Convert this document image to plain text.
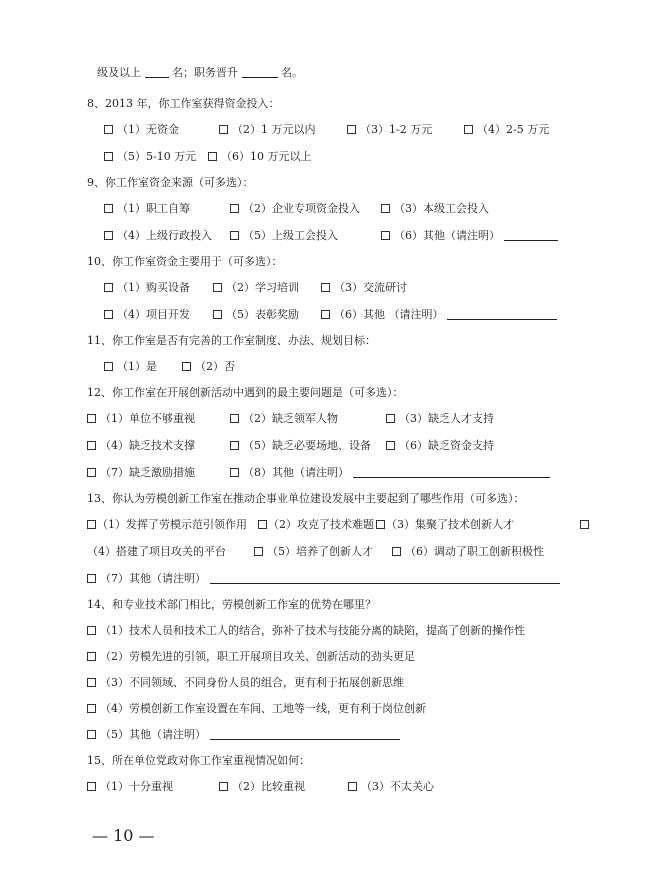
级及以上	名；职务晋升	名。
8、2013 年，你工作室获得资金投入：
（1）无资金	（2）1 万元以内	（3）1-2 万元	（4）2-5 万元
（5）5-10 万元	（6）10 万元以上
9、你工作室资金来源（可多选）：
（1）职工自筹	（2）企业专项资金投入	（3）本级工会投入
（4）上级行政投入	（5）上级工会投入	（6）其他（请注明）
10、你工作室资金主要用于（可多选）：
（1）购买设备	（2）学习培训	（3）交流研讨
（4）项目开发	（5）表彰奖励	（6）其他 （请注明）
11、你工作室是否有完善的工作室制度、办法、规划目标：
（1）是	（2）否
12、你工作室在开展创新活动中遇到的最主要问题是（可多选）：
（1）单位不够重视	（2）缺乏领军人物	（3）缺乏人才支持
（4）缺乏技术支撑	（5）缺乏必要场地、设备	（6）缺乏资金支持
（7）缺乏激励措施	（8）其他（请注明）
13、你认为劳模创新工作室在推动企事业单位建设发展中主要起到了哪些作用（可多选）：
（1）发挥了劳模示范引领作用	（2）攻克了技术难题	（3）集聚了技术创新人才
（4）搭建了项目攻关的平台	（5）培养了创新人才	（6）调动了职工创新积极性
（7）其他（请注明）
14、和专业技术部门相比，劳模创新工作室的优势在哪里？
（1）技术人员和技术工人的结合，弥补了技术与技能分离的缺陷，提高了创新的操作性
（2）劳模先进的引领，职工开展项目攻关、创新活动的劲头更足
（3）不同领域、不同身份人员的组合，更有利于拓展创新思维
（4）劳模创新工作室设置在车间、工地等一线，更有利于岗位创新
（5）其他（请注明）
15、所在单位党政对你工作室重视情况如何：
（1）十分重视	（2）比较重视	（3）不太关心
— 10 —
